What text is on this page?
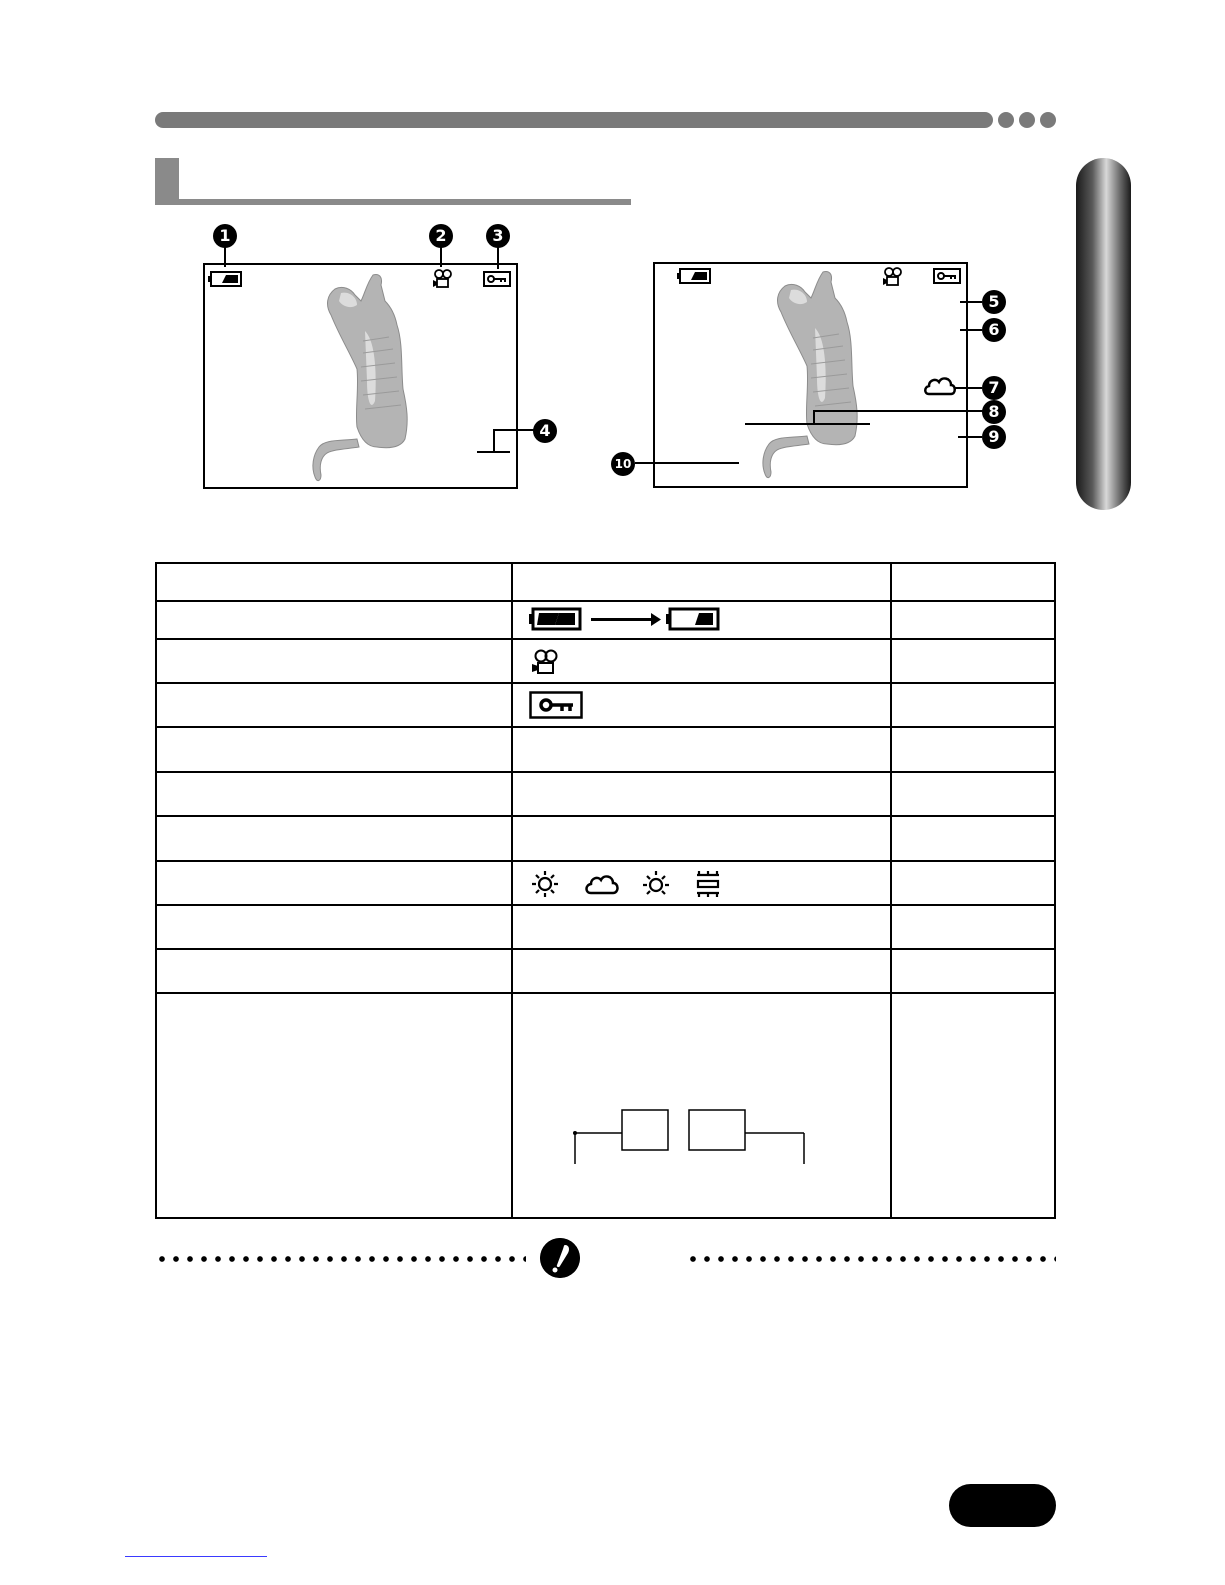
1	2	3
4
5
6
7
8
9
10
